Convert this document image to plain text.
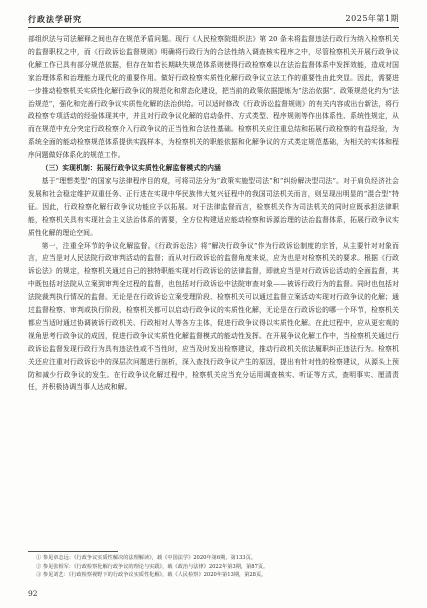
行政法学研究	2025年第1期

部组织法与司法解释之间也存在规范矛盾问题。现行《人民检察院组织法》第 20 条未将监督违法行政行为纳入检察机关的监督职权之中，而《行政诉讼监督规则》明确将行政行为的合法性纳入调查核实程序之中，尽管检察机关开展行政争议化解工作已具有部分规范依据，但存在如若长期缺失规范体系则使得行政检察难以在法治监督体系中发挥效能，造成对国家治理体系和治理能力现代化的重要作用。做好行政检察实质性化解行政争议立法工作的重要性由此突显。因此，需要进一步推动检察机关实质性化解行政争议的规范化和常态化建设，把当前的政策依据提炼为“法治依据”、政策规范化约为“法治规范”，强化和完善行政争议实质性化解的法治供给。可以适时修改《行政诉讼监督规则》的有关内容或出台新法，将行政检察专项活动的经验体现其中，并且对行政争议化解的启动条件、方式类型、程序规则等作出体系性、系统性规定，从而在规范中充分突定行政检察介入行政争议的正当性和合法性基础。检察机关应注重总结和拓展行政检察的有益经验，为系统全面的能动检察规范体系提供实践样本，为检察机关的职能依据和化解争议的方式类定规范基础，为相关的实体和程序问题做好体系化的规范工作。

（三）实现机制：拓展行政争议实质性化解监督模式的内涵

基于“理想类型”的国家与法律程序目的观，可将司法分为“政策实施型司法”和“纠纷解决型司法”。对于肩负经济社会发展和社会稳定维护双重任务、正行进在实现中华民族伟大复兴征程中的我国司法机关而言，则呈现出明显的“混合型”特征。因此，行政检察化解行政争议功能应予以拓展。对于法律监督而言，检察机关作为司法机关的同时应既承担法律职能，检察机关具有实现社会主义法治体系的需要，全方位构建适应能动检察和诉源治理的法治监督体系，拓展行政争议实质性化解的理论空间。

第一，注重全环节的争议化解监督。《行政诉讼法》将“解决行政争议”作为行政诉讼制度的宗旨，从主要针对对象而言，应当是对人民法院行政审判活动的监督；而从对行政诉讼的监督角度来说，应为也是对检察机关的要求。根据《行政诉讼法》的规定，检察机关通过自己的独特职能实现对行政诉讼的法律监督，即就应当是对行政诉讼活动的全面监督，其中既包括对法院从立案到审判全过程的监督，也包括对行政诉讼中法院审查对象——被诉行政行为的监督。同时也包括对法院裁判执行情况的监督。无论是在行政诉讼立案受理阶段、检察机关可以通过监督立案活动实现对行政争议的化解；通过监督检察、审判或执行阶段，检察机关都可以启动行政争议的实质性化解，无论是在行政诉讼的哪一个环节，检察机关都应当适时通过协调被诉行政机关、行政相对人等各方主体，促进行政争议得以实质性化解。在此过程中，应从更宏观的视角思考行政争议的成因，促进行政争议实质性化解监督模式的能动性发挥。在开展争议化解工作中，当检察机关通过行政诉讼监督发现行政行为具有违法性或不当性时，应当及时发出检察建议，推动行政机关依法履职纠正违法行为。检察机关还应注重对行政诉讼中的深层次问题进行剖析，深入查找行政争议产生的原因，提出有针对性的检察建议，从源头上预防和减少行政争议的发生。在行政争议化解过程中，检察机关应当充分运用调查核实、听证等方式，查明事实、厘清责任，并积极协调当事人达成和解。

① 参见章志远：《行政争议实质性解决的法理解读》，载《中国法学》2020年第6期，第133页。

② 参见张相军：《行政检察化解行政争议的理论与实践》，载《政治与法律》2022年第3期，第87页。

③ 参见刘艺：《行政检察视野下的行政争议实质性化解》，载《人民检察》2020年第13期，第28页。

92
